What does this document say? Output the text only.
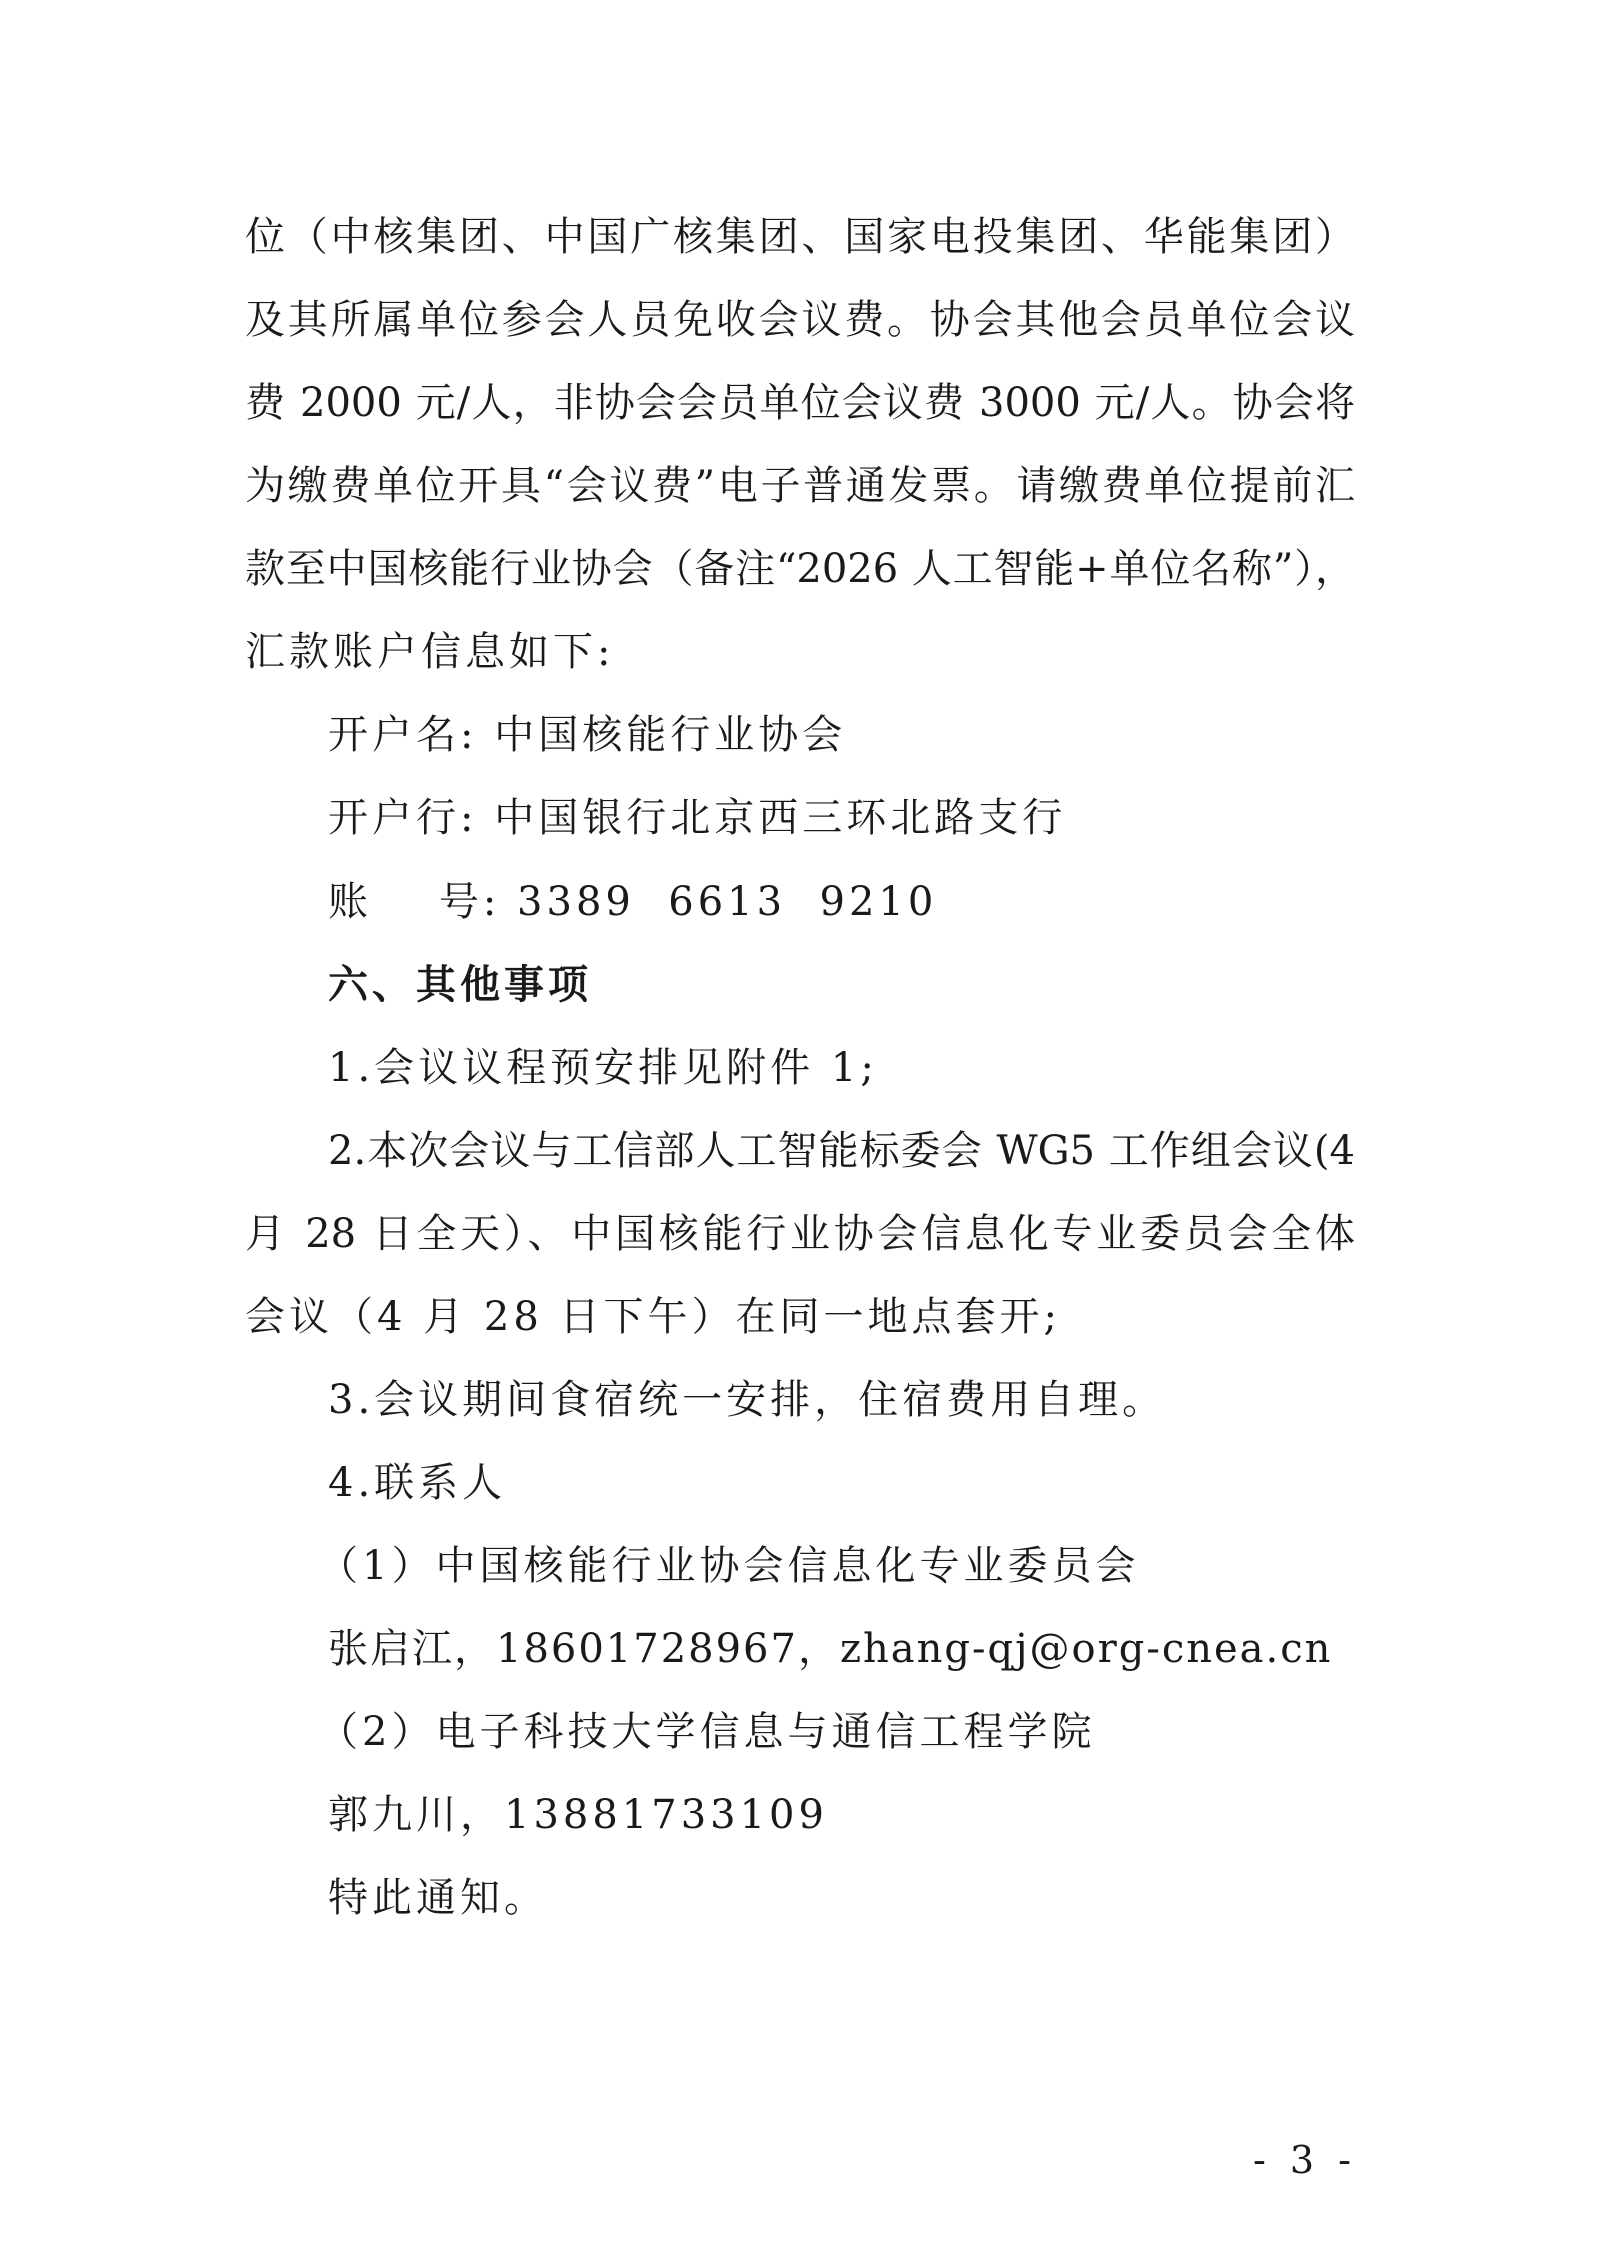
位（中核集团、中国广核集团、国家电投集团、华能集团）
及其所属单位参会人员免收会议费。协会其他会员单位会议
费 2000 元/人，非协会会员单位会议费 3000 元/人。协会将
为缴费单位开具“会议费”电子普通发票。请缴费单位提前汇
款至中国核能行业协会（备注“2026 人工智能+单位名称”），
汇款账户信息如下:
开户名: 中国核能行业协会
开户行: 中国银行北京西三环北路支行
账    号: 3389  6613  9210
六、其他事项
1.会议议程预安排见附件 1;
2.本次会议与工信部人工智能标委会 WG5 工作组会议(4
月 28 日全天）、中国核能行业协会信息化专业委员会全体
会议（4 月 28 日下午）在同一地点套开;
3.会议期间食宿统一安排，住宿费用自理。
4.联系人
（1）中国核能行业协会信息化专业委员会
张启江，18601728967，zhang-qj@org-cnea.cn
（2）电子科技大学信息与通信工程学院
郭九川，13881733109
特此通知。
- 3 -
